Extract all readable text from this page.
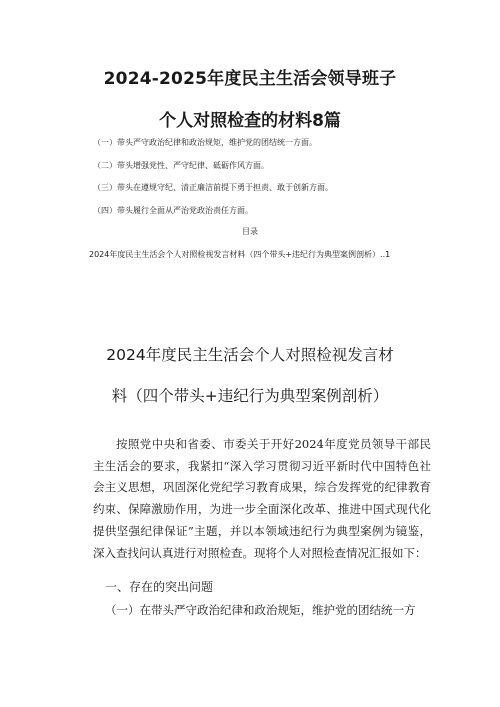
2024-2025年度民主生活会领导班子
个人对照检查的材料8篇
（一）带头严守政治纪律和政治规矩，维护党的团结统一方面。
（二）带头增强党性、严守纪律、砥砺作风方面。
（三）带头在遵规守纪、清正廉洁前提下勇于担责、敢于创新方面。
（四）带头履行全面从严治党政治责任方面。
目录
2024年度民主生活会个人对照检视发言材料（四个带头+违纪行为典型案例剖析）..1
2024年度民主生活会个人对照检视发言材
料（四个带头+违纪行为典型案例剖析）

按照党中央和省委、市委关于开好2024年度党员领导干部民主生活会的要求，我紧扣“深入学习贯彻习近平新时代中国特色社会主义思想，巩固深化党纪学习教育成果，综合发挥党的纪律教育约束、保障激励作用，为进一步全面深化改革、推进中国式现代化提供坚强纪律保证”主题，并以本领域违纪行为典型案例为镜鉴，深入查找问认真进行对照检查。现将个人对照检查情况汇报如下：

一、存在的突出问题
（一）在带头严守政治纪律和政治规矩，维护党的团结统一方
